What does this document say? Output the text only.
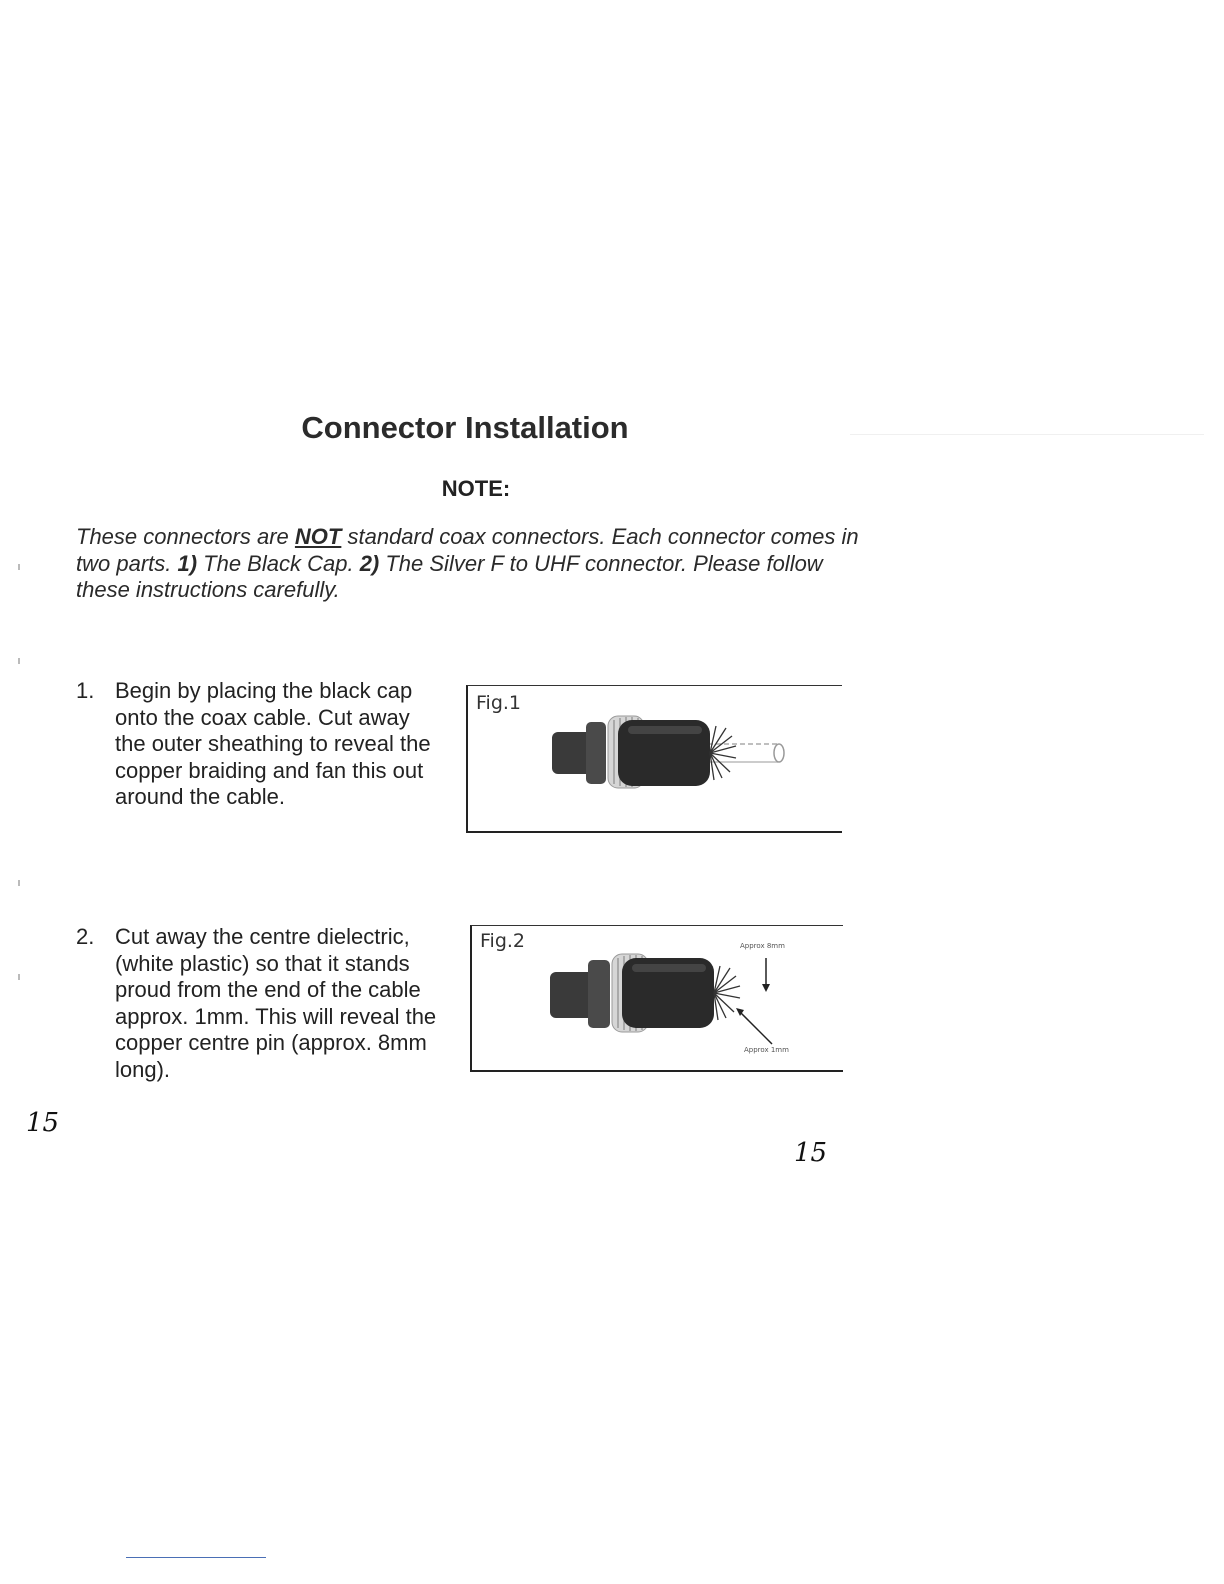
Connector Installation
NOTE:
These connectors are NOT standard coax connectors. Each connector comes in two parts. 1) The Black Cap. 2) The Silver F to UHF connector. Please follow these instructions carefully.
1. Begin by placing the black cap
onto the coax cable. Cut away
the outer sheathing to reveal the
copper braiding and fan this out
around the cable.
Fig.1
2. Cut away the centre dielectric,
(white plastic) so that it stands
proud from the end of the cable
approx. 1mm. This will reveal the
copper centre pin (approx. 8mm
long).
Fig.2	Approx 8mm
Approx 1mm
15
15
